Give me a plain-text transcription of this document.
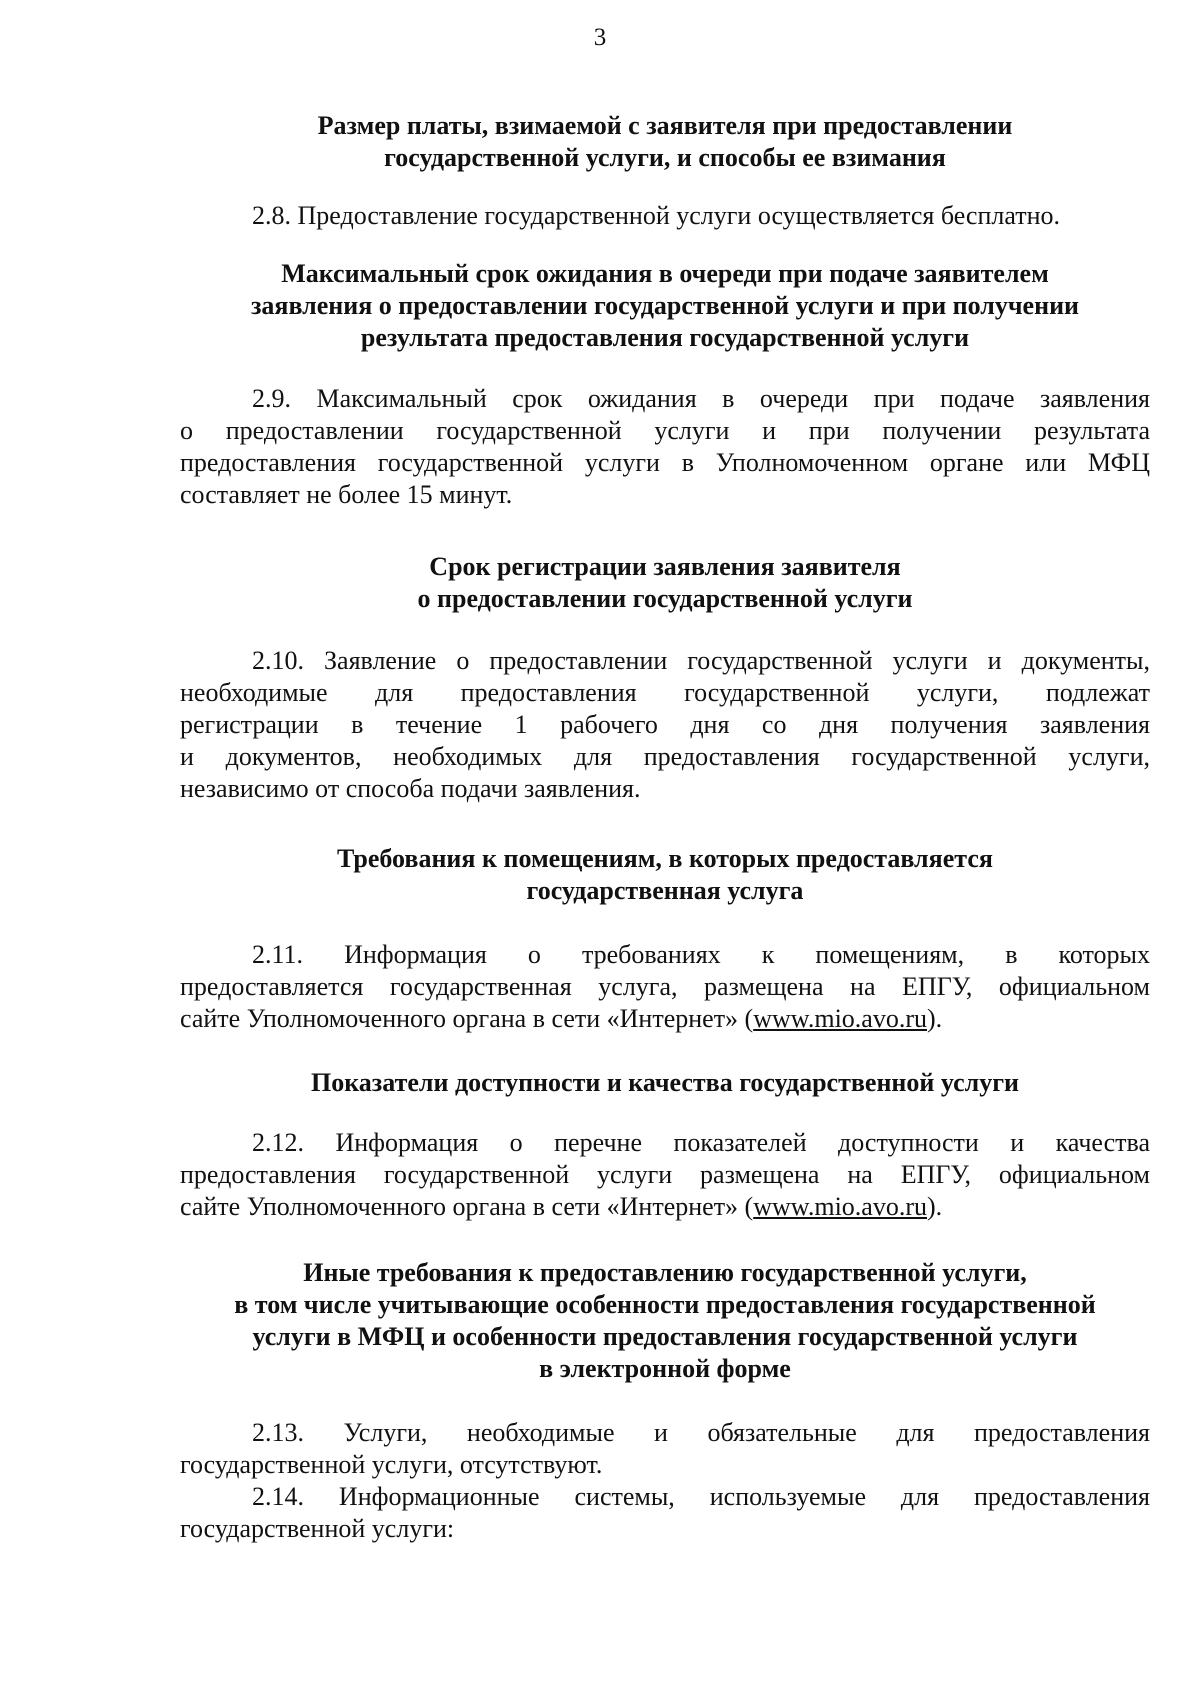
3
Размер платы, взимаемой с заявителя при предоставлении
государственной услуги, и способы ее взимания

2.8. Предоставление государственной услуги осуществляется бесплатно.

Максимальный срок ожидания в очереди при подаче заявителем
заявления о предоставлении государственной услуги и при получении
результата предоставления государственной услуги

2.9. Максимальный срок ожидания в очереди при подаче заявления
о предоставлении государственной услуги и при получении результата
предоставления государственной услуги в Уполномоченном органе или МФЦ
составляет не более 15 минут.

Срок регистрации заявления заявителя
о предоставлении государственной услуги

2.10. Заявление о предоставлении государственной услуги и документы,
необходимые для предоставления государственной услуги, подлежат
регистрации в течение 1 рабочего дня со дня получения заявления
и документов, необходимых для предоставления государственной услуги,
независимо от способа подачи заявления.

Требования к помещениям, в которых предоставляется
государственная услуга

2.11. Информация о требованиях к помещениям, в которых
предоставляется государственная услуга, размещена на ЕПГУ, официальном
сайте Уполномоченного органа в сети «Интернет» (www.mio.avo.ru).

Показатели доступности и качества государственной услуги

2.12. Информация о перечне показателей доступности и качества
предоставления государственной услуги размещена на ЕПГУ, официальном
сайте Уполномоченного органа в сети «Интернет» (www.mio.avo.ru).

Иные требования к предоставлению государственной услуги,
в том числе учитывающие особенности предоставления государственной
услуги в МФЦ и особенности предоставления государственной услуги
в электронной форме

2.13. Услуги, необходимые и обязательные для предоставления
государственной услуги, отсутствуют.

2.14. Информационные системы, используемые для предоставления
государственной услуги:
